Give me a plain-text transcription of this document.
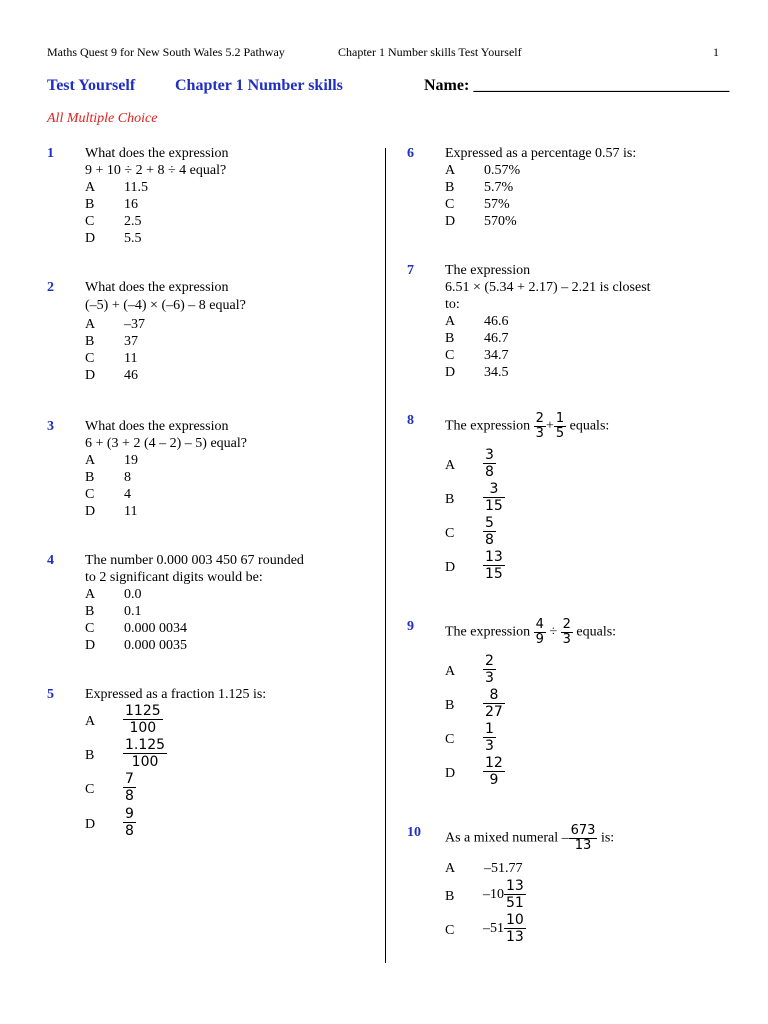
Maths Quest 9 for New South Wales 5.2 Pathway	Chapter 1 Number skills Test Yourself	1
Test Yourself Chapter 1 Number skills	Name: ________________________________
All Multiple Choice
1 What does the expression
9 + 10 ÷ 2 + 8 ÷ 4 equal?
A	11.5
B	16
C	2.5
D	5.5
2 What does the expression
(–5) + (–4) × (–6) – 8 equal?
A	–37
B	37
C	11
D	46
3 What does the expression
6 + (3 + 2 (4 – 2) – 5) equal?
A	19
B	8
C	4
D	11
4 The number 0.000 003 450 67 rounded
to 2 significant digits would be:
A	0.0
B	0.1
C	0.000 0034
D	0.000 0035
5 Expressed as a fraction 1.125 is:
A	$\frac{1125}{100}$
B	$\frac{1.125}{100}$
C	$\frac{7}{8}$
D	$\frac{9}{8}$
6 Expressed as a percentage 0.57 is:
A	0.57%
B	5.7%
C	57%
D	570%
7 The expression
6.51 × (5.34 + 2.17) – 2.21 is closest
to:
A	46.6
B	46.7
C	34.7
D	34.5
8 The expression $\frac{2}{3} + \frac{1}{5}$ equals:
A	$\frac{3}{8}$
B	$\frac{3}{15}$
C	$\frac{5}{8}$
D	$\frac{13}{15}$
9 The expression $\frac{4}{9} \div \frac{2}{3}$ equals:
A	$\frac{2}{3}$
B	$\frac{8}{27}$
C	$\frac{1}{3}$
D	$\frac{12}{9}$
10 As a mixed numeral – $\frac{673}{13}$ is:
A	–51.77
B	$-10 \frac{13}{51}$
C	$-51 \frac{10}{13}$
